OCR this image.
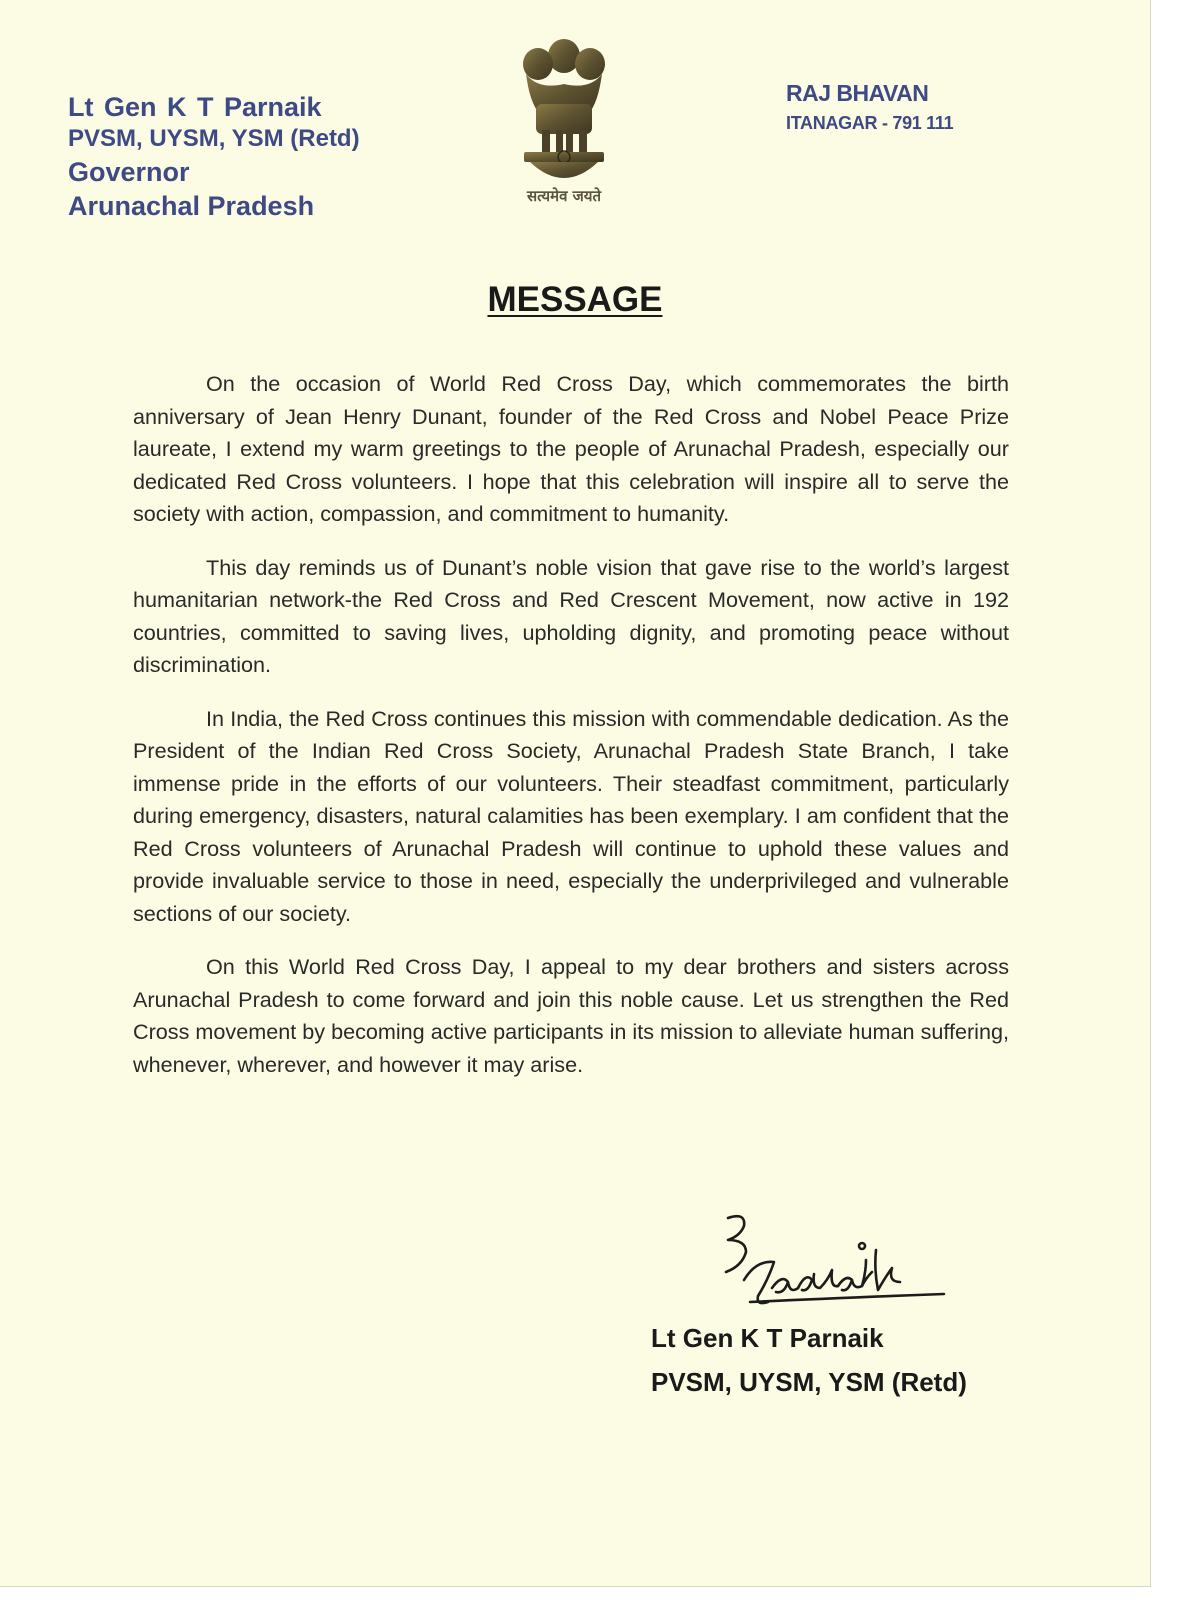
Lt Gen K T Parnaik
PVSM, UYSM, YSM (Retd)
Governor
Arunachal Pradesh	सत्यमेव जयते
RAJ BHAVAN
ITANAGAR - 791 111
MESSAGE

On the occasion of World Red Cross Day, which commemorates the birth anniversary of Jean Henry Dunant, founder of the Red Cross and Nobel Peace Prize laureate, I extend my warm greetings to the people of Arunachal Pradesh, especially our dedicated Red Cross volunteers. I hope that this celebration will inspire all to serve the society with action, compassion, and commitment to humanity.

This day reminds us of Dunant’s noble vision that gave rise to the world’s largest humanitarian network-the Red Cross and Red Crescent Movement, now active in 192 countries, committed to saving lives, upholding dignity, and promoting peace without discrimination.

In India, the Red Cross continues this mission with commendable dedication. As the President of the Indian Red Cross Society, Arunachal Pradesh State Branch, I take immense pride in the efforts of our volunteers. Their steadfast commitment, particularly during emergency, disasters, natural calamities has been exemplary. I am confident that the Red Cross volunteers of Arunachal Pradesh will continue to uphold these values and provide invaluable service to those in need, especially the underprivileged and vulnerable sections of our society.

On this World Red Cross Day, I appeal to my dear brothers and sisters across Arunachal Pradesh to come forward and join this noble cause. Let us strengthen the Red Cross movement by becoming active participants in its mission to alleviate human suffering, whenever, wherever, and however it may arise.

Lt Gen K T Parnaik
PVSM, UYSM, YSM (Retd)
